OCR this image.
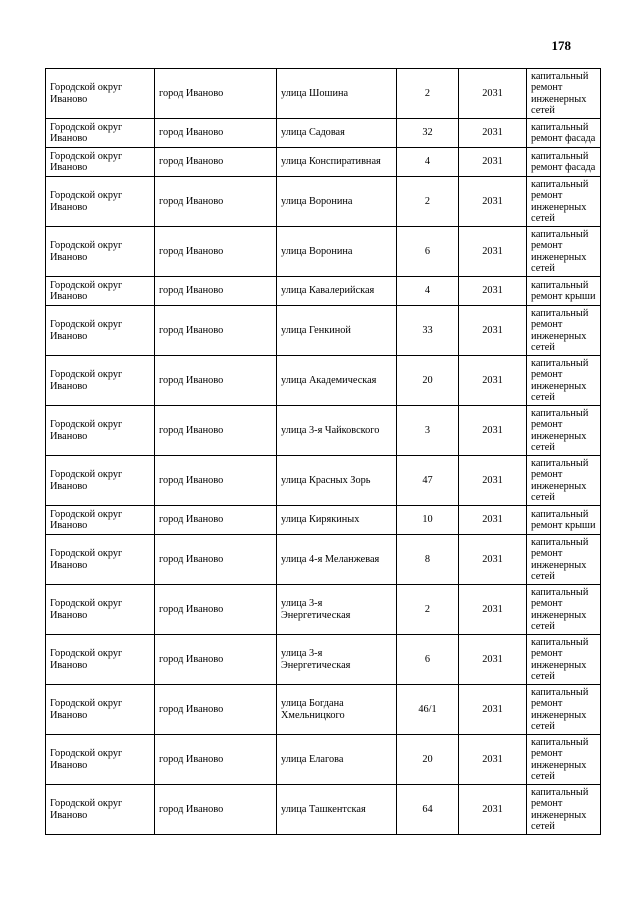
178
Городской округ Иваново	город Иваново	улица Шошина	2	2031	капитальный ремонт инженерных сетей
Городской округ Иваново	город Иваново	улица Садовая	32	2031	капитальный ремонт фасада
Городской округ Иваново	город Иваново	улица Конспиративная	4	2031	капитальный ремонт фасада
Городской округ Иваново	город Иваново	улица Воронина	2	2031	капитальный ремонт инженерных сетей
Городской округ Иваново	город Иваново	улица Воронина	6	2031	капитальный ремонт инженерных сетей
Городской округ Иваново	город Иваново	улица Кавалерийская	4	2031	капитальный ремонт крыши
Городской округ Иваново	город Иваново	улица Генкиной	33	2031	капитальный ремонт инженерных сетей
Городской округ Иваново	город Иваново	улица Академическая	20	2031	капитальный ремонт инженерных сетей
Городской округ Иваново	город Иваново	улица 3-я Чайковского	3	2031	капитальный ремонт инженерных сетей
Городской округ Иваново	город Иваново	улица Красных Зорь	47	2031	капитальный ремонт инженерных сетей
Городской округ Иваново	город Иваново	улица Кирякиных	10	2031	капитальный ремонт крыши
Городской округ Иваново	город Иваново	улица 4-я Меланжевая	8	2031	капитальный ремонт инженерных сетей
Городской округ Иваново	город Иваново	улица 3-я Энергетическая	2	2031	капитальный ремонт инженерных сетей
Городской округ Иваново	город Иваново	улица 3-я Энергетическая	6	2031	капитальный ремонт инженерных сетей
Городской округ Иваново	город Иваново	улица Богдана Хмельницкого	46/1	2031	капитальный ремонт инженерных сетей
Городской округ Иваново	город Иваново	улица Елагова	20	2031	капитальный ремонт инженерных сетей
Городской округ Иваново	город Иваново	улица Ташкентская	64	2031	капитальный ремонт инженерных сетей
